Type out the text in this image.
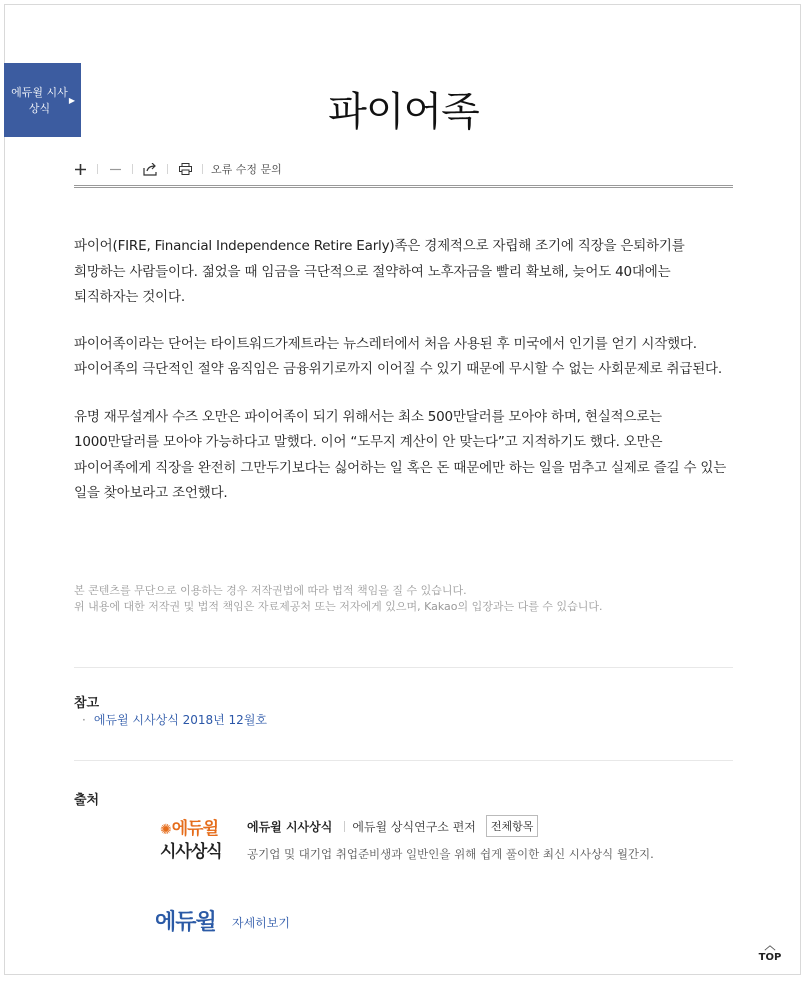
에듀윌 시사상식
▶	파이어족
오류 수정 문의

파이어(FIRE, Financial Independence Retire Early)족은 경제적으로 자립해 조기에 직장을 은퇴하기를 희망하는 사람들이다. 젊었을 때 임금을 극단적으로 절약하여 노후자금을 빨리 확보해, 늦어도 40대에는 퇴직하자는 것이다.

파이어족이라는 단어는 타이트워드가제트라는 뉴스레터에서 처음 사용된 후 미국에서 인기를 얻기 시작했다. 파이어족의 극단적인 절약 움직임은 금융위기로까지 이어질 수 있기 때문에 무시할 수 없는 사회문제로 취급된다.

유명 재무설계사 수즈 오만은 파이어족이 되기 위해서는 최소 500만달러를 모아야 하며, 현실적으로는 1000만달러를 모아야 가능하다고 말했다. 이어 “도무지 계산이 안 맞는다”고 지적하기도 했다. 오만은 파이어족에게 직장을 완전히 그만두기보다는 싫어하는 일 혹은 돈 때문에만 하는 일을 멈추고 실제로 즐길 수 있는 일을 찾아보라고 조언했다.

본 콘텐츠를 무단으로 이용하는 경우 저작권법에 따라 법적 책임을 질 수 있습니다.
위 내용에 대한 저작권 및 법적 책임은 자료제공처 또는 저자에게 있으며, Kakao의 입장과는 다를 수 있습니다.
참고
· 에듀윌 시사상식 2018년 12월호
출처
✺에듀윌
시사상식
에듀윌 시사상식 에듀윌 상식연구소 편저	전체항목
공기업 및 대기업 취업준비생과 일반인을 위해 쉽게 풀이한 최신 시사상식 월간지.
에듀윌 자세히보기
︿
TOP
